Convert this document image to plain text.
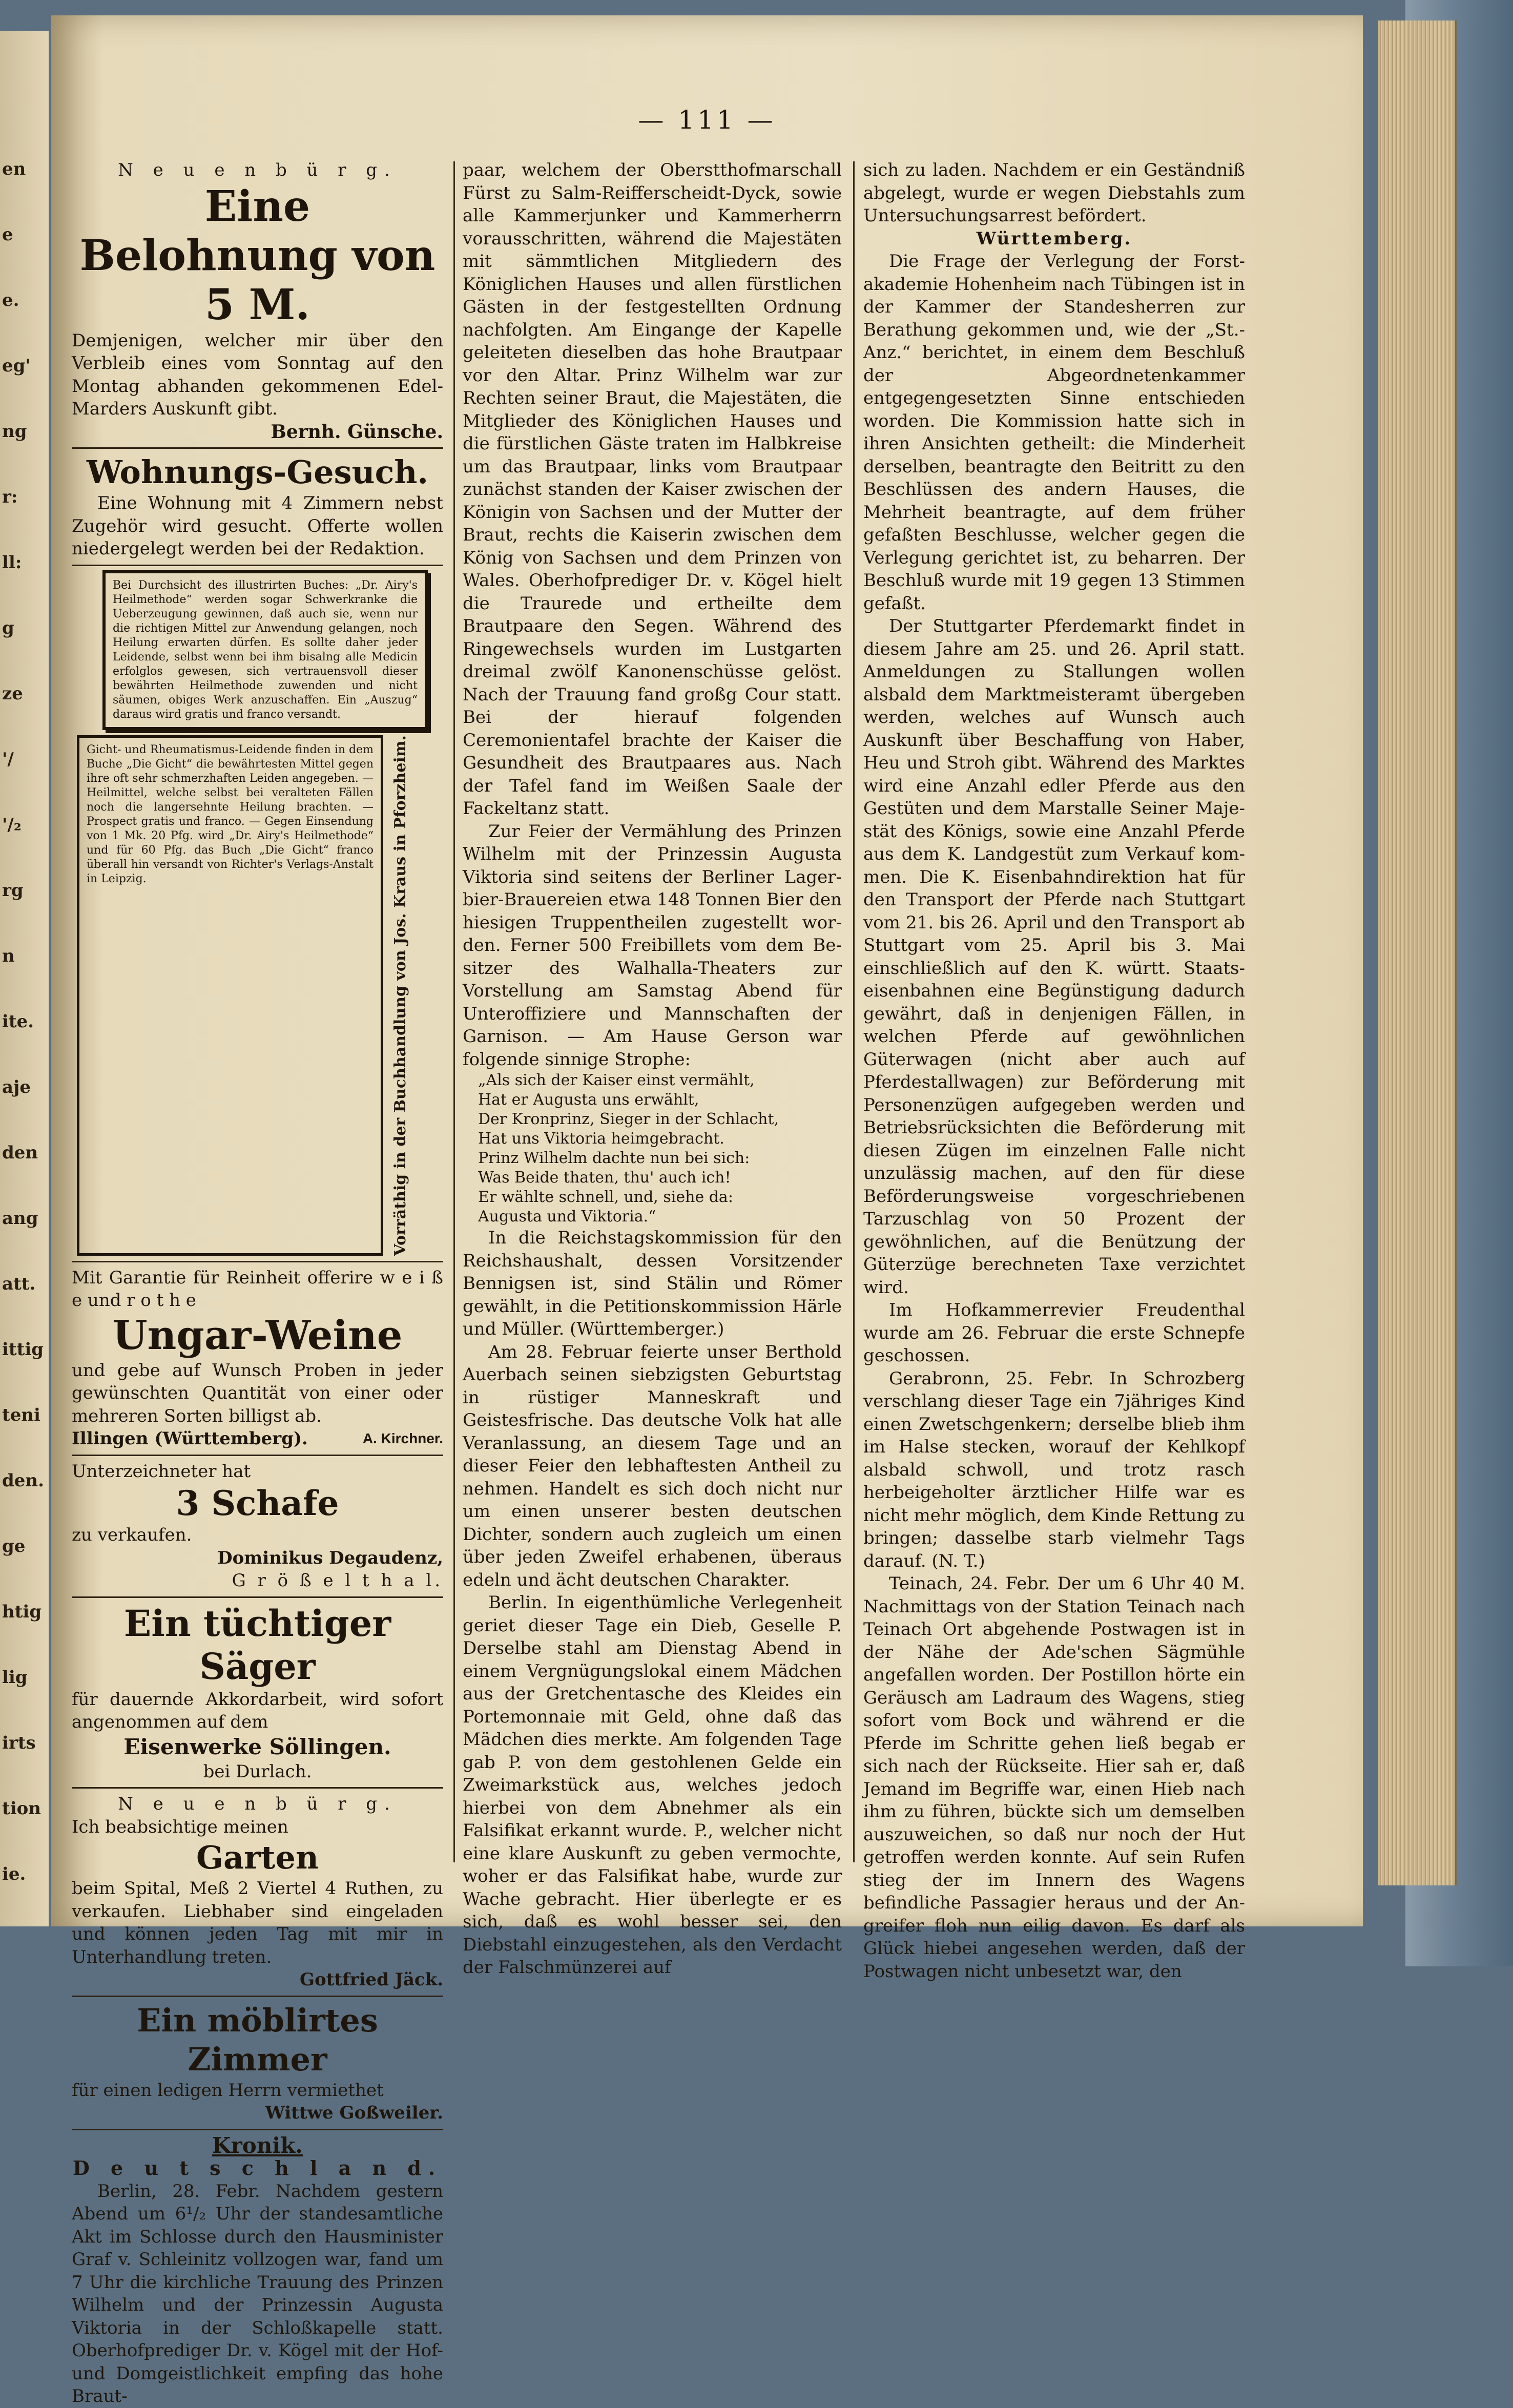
en
e
e.
eg'
ng
r:
ll:
g
ze
'/
'/₂
rg
n
ite.
aje
den
ang
att.
ittig
teni
den.
ge
htig
lig
irts
tion
ie.
— 111 —

N e u e n b ü r g.

Eine Belohnung von 5 M.

Demjenigen, welcher mir über den Verbleib eines vom Sonntag auf den Montag abhanden gekommenen Edel-Marders Auskunft gibt.

Bernh. Günsche.

Wohnungs-Gesuch.

Eine Wohnung mit 4 Zimmern nebst Zugehör wird gesucht. Offerte wollen niedergelegt werden bei der Redaktion.

Bei Durchsicht des illustrirten Buches: „Dr. Airy's Heilmethode“ werden sogar Schwerkranke die Ueberzeugung gewinnen, daß auch sie, wenn nur die richtigen Mittel zur Anwendung gelangen, noch Heilung erwarten dürfen. Es sollte daher jeder Leidende, selbst wenn bei ihm bisalng alle Medicin erfolglos gewesen, sich vertrauensvoll dieser bewährten Heilmethode zuwenden und nicht säumen, obiges Werk anzuschaffen. Ein „Auszug“ daraus wird gratis und franco versandt.

Gicht- und Rheumatismus-Leidende finden in dem Buche „Die Gicht“ die bewährtesten Mittel gegen ihre oft sehr schmerzhaften Leiden angegeben. — Heilmittel, welche selbst bei veralteten Fällen noch die langersehnte Heilung brachten. — Prospect gratis und franco. — Gegen Einsendung von 1 Mk. 20 Pfg. wird „Dr. Airy's Heilmethode“ und für 60 Pfg. das Buch „Die Gicht“ franco überall hin versandt von Richter's Verlags-Anstalt in Leipzig.	Vorräthig in der Buchhandlung von Jos. Kraus in Pforzheim.

Mit Garantie für Reinheit offerire w e i ß e und r o t h e

Ungar-Weine

und gebe auf Wunsch Proben in jeder gewünschten Quantität von einer oder mehreren Sorten billigst ab.

Illingen (Württemberg).	A. Kirchner.

Unterzeichneter hat

3 Schafe

zu verkaufen.

Dominikus Degaudenz,

G r ö ß e l t h a l.

Ein tüchtiger Säger

für dauernde Akkordarbeit, wird sofort angenommen auf dem

Eisenwerke Söllingen.

bei Durlach.

N e u e n b ü r g.

Ich beabsichtige meinen

Garten

beim Spital, Meß 2 Viertel 4 Ruthen, zu verkaufen. Liebhaber sind eingeladen und können jeden Tag mit mir in Unterhandlung treten.

Gottfried Jäck.

Ein möblirtes Zimmer

für einen ledigen Herrn vermiethet

Wittwe Goßweiler.

Kronik.

D e u t s c h l a n d.

Berlin, 28. Febr. Nachdem gestern Abend um 6¹/₂ Uhr der standesamtliche Akt im Schlosse durch den Hausminister Graf v. Schleinitz vollzogen war, fand um 7 Uhr die kirchliche Trauung des Prinzen Wilhelm und der Prinzessin Augusta Viktoria in der Schloßkapelle statt. Oberhofprediger Dr. v. Kögel mit der Hof- und Domgeistlichkeit empfing das hohe Braut-

paar, welchem der Oberstthofmarschall Fürst zu Salm-Reifferscheidt-Dyck, sowie alle Kammerjunker und Kammerherrn vorausschritten, während die Majestäten mit sämmtlichen Mitgliedern des Königlichen Hauses und allen fürstlichen Gästen in der festgestellten Ordnung nachfolgten. Am Eingange der Kapelle geleiteten dieselben das hohe Brautpaar vor den Altar. Prinz Wilhelm war zur Rechten seiner Braut, die Majestäten, die Mitglieder des Königlichen Hauses und die fürstlichen Gäste traten im Halbkreise um das Brautpaar, links vom Brautpaar zunächst standen der Kaiser zwischen der Königin von Sachsen und der Mutter der Braut, rechts die Kaiserin zwischen dem König von Sachsen und dem Prinzen von Wales. Oberhofprediger Dr. v. Kögel hielt die Traurede und ertheilte dem Brautpaare den Segen. Während des Ringewechsels wurden im Lustgarten dreimal zwölf Kanonenschüsse gelöst. Nach der Trauung fand großg Cour statt. Bei der hierauf folgenden Ceremonientafel brachte der Kaiser die Gesundheit des Brautpaares aus. Nach der Tafel fand im Weißen Saale der Fackeltanz statt.

Zur Feier der Vermählung des Prinzen Wilhelm mit der Prinzessin Augusta Viktoria sind seitens der Berliner Lagerbier-Brauereien etwa 148 Tonnen Bier den hiesigen Truppentheilen zugestellt worden. Ferner 500 Freibillets vom dem Besitzer des Walhalla-Theaters zur Vorstellung am Samstag Abend für Unteroffiziere und Mannschaften der Garnison. — Am Hause Gerson war folgende sinnige Strophe:

„Als sich der Kaiser einst vermählt,

Hat er Augusta uns erwählt,

Der Kronprinz, Sieger in der Schlacht,

Hat uns Viktoria heimgebracht.

Prinz Wilhelm dachte nun bei sich:

Was Beide thaten, thu' auch ich!

Er wählte schnell, und, siehe da:

Augusta und Viktoria.“

In die Reichstagskommission für den Reichshaushalt, dessen Vorsitzender Bennigsen ist, sind Stälin und Römer gewählt, in die Petitionskommission Härle und Müller. (Württemberger.)

Am 28. Februar feierte unser Berthold Auerbach seinen siebzigsten Geburtstag in rüstiger Manneskraft und Geistesfrische. Das deutsche Volk hat alle Veranlassung, an diesem Tage und an dieser Feier den lebhaftesten Antheil zu nehmen. Handelt es sich doch nicht nur um einen unserer besten deutschen Dichter, sondern auch zugleich um einen über jeden Zweifel erhabenen, überaus edeln und ächt deutschen Charakter.

Berlin. In eigenthümliche Verlegenheit geriet dieser Tage ein Dieb, Geselle P. Derselbe stahl am Dienstag Abend in einem Vergnügungslokal einem Mädchen aus der Gretchentasche des Kleides ein Portemonnaie mit Geld, ohne daß das Mädchen dies merkte. Am folgenden Tage gab P. von dem gestohlenen Gelde ein Zweimarkstück aus, welches jedoch hierbei von dem Abnehmer als ein Falsifikat erkannt wurde. P., welcher nicht eine klare Auskunft zu geben vermochte, woher er das Falsifikat habe, wurde zur Wache gebracht. Hier überlegte er es sich, daß es wohl besser sei, den Diebstahl einzugestehen, als den Verdacht der Falschmünzerei auf

sich zu laden. Nachdem er ein Geständniß abgelegt, wurde er wegen Diebstahls zum Untersuchungsarrest befördert.

Württemberg.

Die Frage der Verlegung der Forstakademie Hohenheim nach Tübingen ist in der Kammer der Standesherren zur Berathung gekommen und, wie der „St.-Anz.“ berichtet, in einem dem Beschluß der Abgeordnetenkammer entgegengesetzten Sinne entschieden worden. Die Kommission hatte sich in ihren Ansichten getheilt: die Minderheit derselben, beantragte den Beitritt zu den Beschlüssen des andern Hauses, die Mehrheit beantragte, auf dem früher gefaßten Beschlusse, welcher gegen die Verlegung gerichtet ist, zu beharren. Der Beschluß wurde mit 19 gegen 13 Stimmen gefaßt.

Der Stuttgarter Pferdemarkt findet in diesem Jahre am 25. und 26. April statt. Anmeldungen zu Stallungen wollen alsbald dem Marktmeisteramt übergeben werden, welches auf Wunsch auch Auskunft über Beschaffung von Haber, Heu und Stroh gibt. Während des Marktes wird eine Anzahl edler Pferde aus den Gestüten und dem Marstalle Seiner Majestät des Königs, sowie eine Anzahl Pferde aus dem K. Landgestüt zum Verkauf kommen. Die K. Eisenbahndirektion hat für den Transport der Pferde nach Stuttgart vom 21. bis 26. April und den Transport ab Stuttgart vom 25. April bis 3. Mai einschließlich auf den K. württ. Staatseisenbahnen eine Begünstigung dadurch gewährt, daß in denjenigen Fällen, in welchen Pferde auf gewöhnlichen Güterwagen (nicht aber auch auf Pferdestallwagen) zur Beförderung mit Personenzügen aufgegeben werden und Betriebsrücksichten die Beförderung mit diesen Zügen im einzelnen Falle nicht unzulässig machen, auf den für diese Beförderungsweise vorgeschriebenen Tarzuschlag von 50 Prozent der gewöhnlichen, auf die Benützung der Güterzüge berechneten Taxe verzichtet wird.

Im Hofkammerrevier Freudenthal wurde am 26. Februar die erste Schnepfe geschossen.

Gerabronn, 25. Febr. In Schrozberg verschlang dieser Tage ein 7jähriges Kind einen Zwetschgenkern; derselbe blieb ihm im Halse stecken, worauf der Kehlkopf alsbald schwoll, und trotz rasch herbeigeholter ärztlicher Hilfe war es nicht mehr möglich, dem Kinde Rettung zu bringen; dasselbe starb vielmehr Tags darauf. (N. T.)

Teinach, 24. Febr. Der um 6 Uhr 40 M. Nachmittags von der Station Teinach nach Teinach Ort abgehende Postwagen ist in der Nähe der Ade'schen Sägmühle angefallen worden. Der Postillon hörte ein Geräusch am Ladraum des Wagens, stieg sofort vom Bock und während er die Pferde im Schritte gehen ließ begab er sich nach der Rückseite. Hier sah er, daß Jemand im Begriffe war, einen Hieb nach ihm zu führen, bückte sich um demselben auszuweichen, so daß nur noch der Hut getroffen werden konnte. Auf sein Rufen stieg der im Innern des Wagens befindliche Passagier heraus und der Angreifer floh nun eilig davon. Es darf als Glück hiebei angesehen werden, daß der Postwagen nicht unbesetzt war, den
